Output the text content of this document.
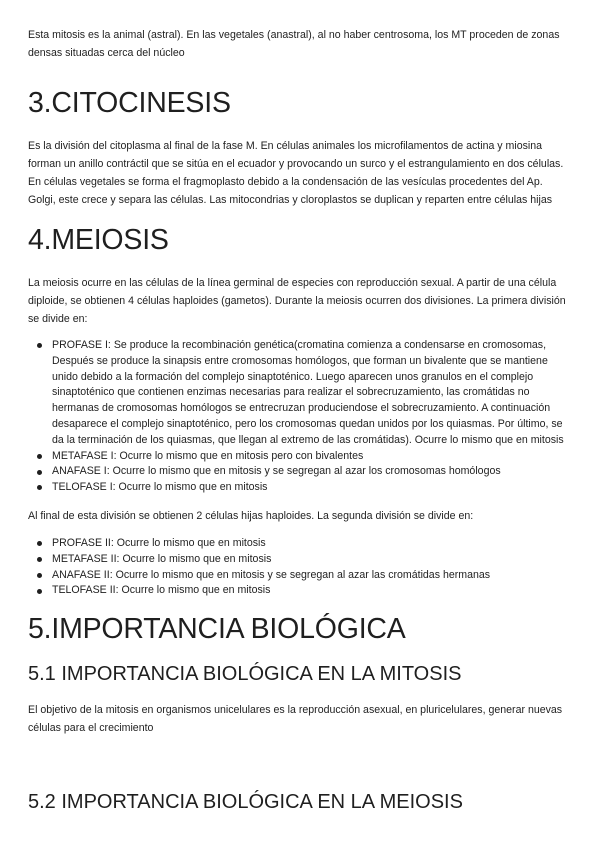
Esta mitosis es la animal (astral). En las vegetales (anastral), al no haber centrosoma, los MT proceden de zonas densas situadas cerca del núcleo

3.CITOCINESIS

Es la división del citoplasma al final de la fase M. En células animales los microfilamentos de actina y miosina forman un anillo contráctil que se sitúa en el ecuador y provocando un surco y el estrangulamiento en dos células. En células vegetales se forma el fragmoplasto debido a la condensación de las vesículas procedentes del Ap. Golgi, este crece y separa las células. Las mitocondrias y cloroplastos se duplican y reparten entre células hijas

4.MEIOSIS

La meiosis ocurre en las células de la línea germinal de especies con reproducción sexual. A partir de una célula diploide, se obtienen 4 células haploides (gametos). Durante la meiosis ocurren dos divisiones. La primera división se divide en:

PROFASE I: Se produce la recombinación genética(cromatina comienza a condensarse en cromosomas, Después se produce la sinapsis entre cromosomas homólogos, que forman un bivalente que se mantiene unido debido a la formación del complejo sinaptoténico. Luego aparecen unos granulos en el complejo sinaptoténico que contienen enzimas necesarias para realizar el sobrecruzamiento, las cromátidas no hermanas de cromosomas homólogos se entrecruzan produciendose el sobrecruzamiento. A continuación desaparece el complejo sinaptoténico, pero los cromosomas quedan unidos por los quiasmas. Por último, se da la terminación de los quiasmas, que llegan al extremo de las cromátidas). Ocurre lo mismo que en mitosis
METAFASE I: Ocurre lo mismo que en mitosis pero con bivalentes
ANAFASE I: Ocurre lo mismo que en mitosis y se segregan al azar los cromosomas homólogos
TELOFASE I: Ocurre lo mismo que en mitosis

Al final de esta división se obtienen 2 células hijas haploides. La segunda división se divide en:

PROFASE II: Ocurre lo mismo que en mitosis
METAFASE II: Ocurre lo mismo que en mitosis
ANAFASE II: Ocurre lo mismo que en mitosis y se segregan al azar las cromátidas hermanas
TELOFASE II: Ocurre lo mismo que en mitosis
5.IMPORTANCIA BIOLÓGICA
5.1 IMPORTANCIA BIOLÓGICA EN LA MITOSIS

El objetivo de la mitosis en organismos unicelulares es la reproducción asexual, en pluricelulares, generar nuevas células para el crecimiento

5.2 IMPORTANCIA BIOLÓGICA EN LA MEIOSIS
